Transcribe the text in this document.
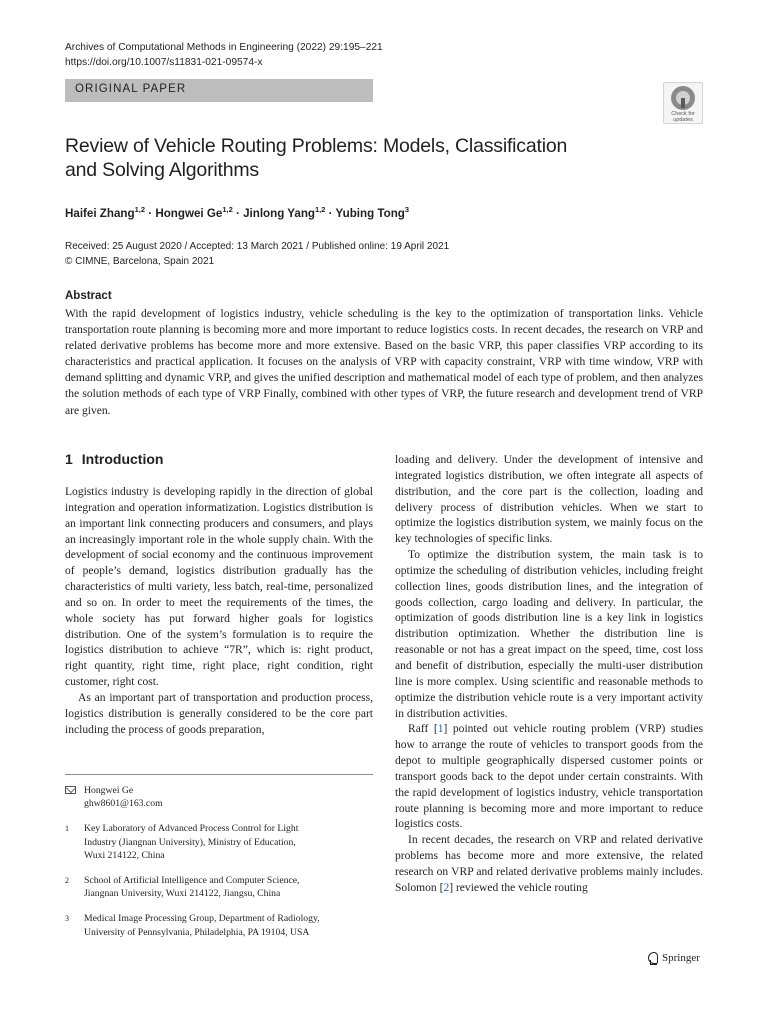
Archives of Computational Methods in Engineering (2022) 29:195–221
https://doi.org/10.1007/s11831-021-09574-x
ORIGINAL PAPER
Check for
updates
Review of Vehicle Routing Problems: Models, Classification
and Solving Algorithms
Haifei Zhang$^{1,2}$ · Hongwei Ge$^{1,2}$ · Jinlong Yang$^{1,2}$ · Yubing Tong$^3$
Received: 25 August 2020 / Accepted: 13 March 2021 / Published online: 19 April 2021
© CIMNE, Barcelona, Spain 2021
Abstract
With the rapid development of logistics industry, vehicle scheduling is the key to the optimization of transportation links. Vehicle transportation route planning is becoming more and more important to reduce logistics costs. In recent decades, the research on VRP and related derivative problems has become more and more extensive. Based on the basic VRP, this paper classifies VRP according to its characteristics and practical application. It focuses on the analysis of VRP with capacity constraint, VRP with time window, VRP with demand splitting and dynamic VRP, and gives the unified description and mathematical model of each type of problem, and then analyzes the solution methods of each type of VRP Finally, combined with other types of VRP, the future research and development trend of VRP are given.
1 Introduction

Logistics industry is developing rapidly in the direction of global integration and operation informatization. Logistics distribution is an important link connecting producers and consumers, and plays an increasingly important role in the whole supply chain. With the development of social economy and the continuous improvement of people’s demand, logistics distribution gradually has the characteristics of multi variety, less batch, real-time, personalized and so on. In order to meet the requirements of the times, the whole society has put forward higher goals for logistics distribution. One of the system’s formulation is to require the logistics distribution to achieve “7R”, which is: right product, right quantity, right time, right place, right condition, right customer, right cost.

As an important part of transportation and production process, logistics distribution is generally considered to be the core part including the process of goods preparation,

loading and delivery. Under the development of intensive and integrated logistics distribution, we often integrate all aspects of distribution, and the core part is the collection, loading and delivery process of distribution vehicles. When we start to optimize the logistics distribution system, we mainly focus on the key technologies of specific links.

To optimize the distribution system, the main task is to optimize the scheduling of distribution vehicles, including freight collection lines, goods distribution lines, and the integration of goods collection, cargo loading and delivery. In particular, the optimization of goods distribution line is a key link in logistics distribution optimization. Whether the distribution line is reasonable or not has a great impact on the speed, time, cost loss and benefit of distribution, especially the multi-user distribution line is more complex. Using scientific and reasonable methods to optimize the distribution vehicle route is a very important activity in distribution activities.

Raff [1] pointed out vehicle routing problem (VRP) studies how to arrange the route of vehicles to transport goods from the depot to multiple geographically dispersed customer points or transport goods back to the depot under certain constraints. With the rapid development of logistics industry, vehicle transportation route planning is becoming more and more important to reduce logistics costs.

In recent decades, the research on VRP and related derivative problems has become more and more extensive, the related research on VRP and related derivative problems mainly includes. Solomon [2] reviewed the vehicle routing

Hongwei Ge
ghw8601@163.com
1	Key Laboratory of Advanced Process Control for Light
Industry (Jiangnan University), Ministry of Education,
Wuxi 214122, China
2	School of Artificial Intelligence and Computer Science,
Jiangnan University, Wuxi 214122, Jiangsu, China
3	Medical Image Processing Group, Department of Radiology,
University of Pennsylvania, Philadelphia, PA 19104, USA
Springer
